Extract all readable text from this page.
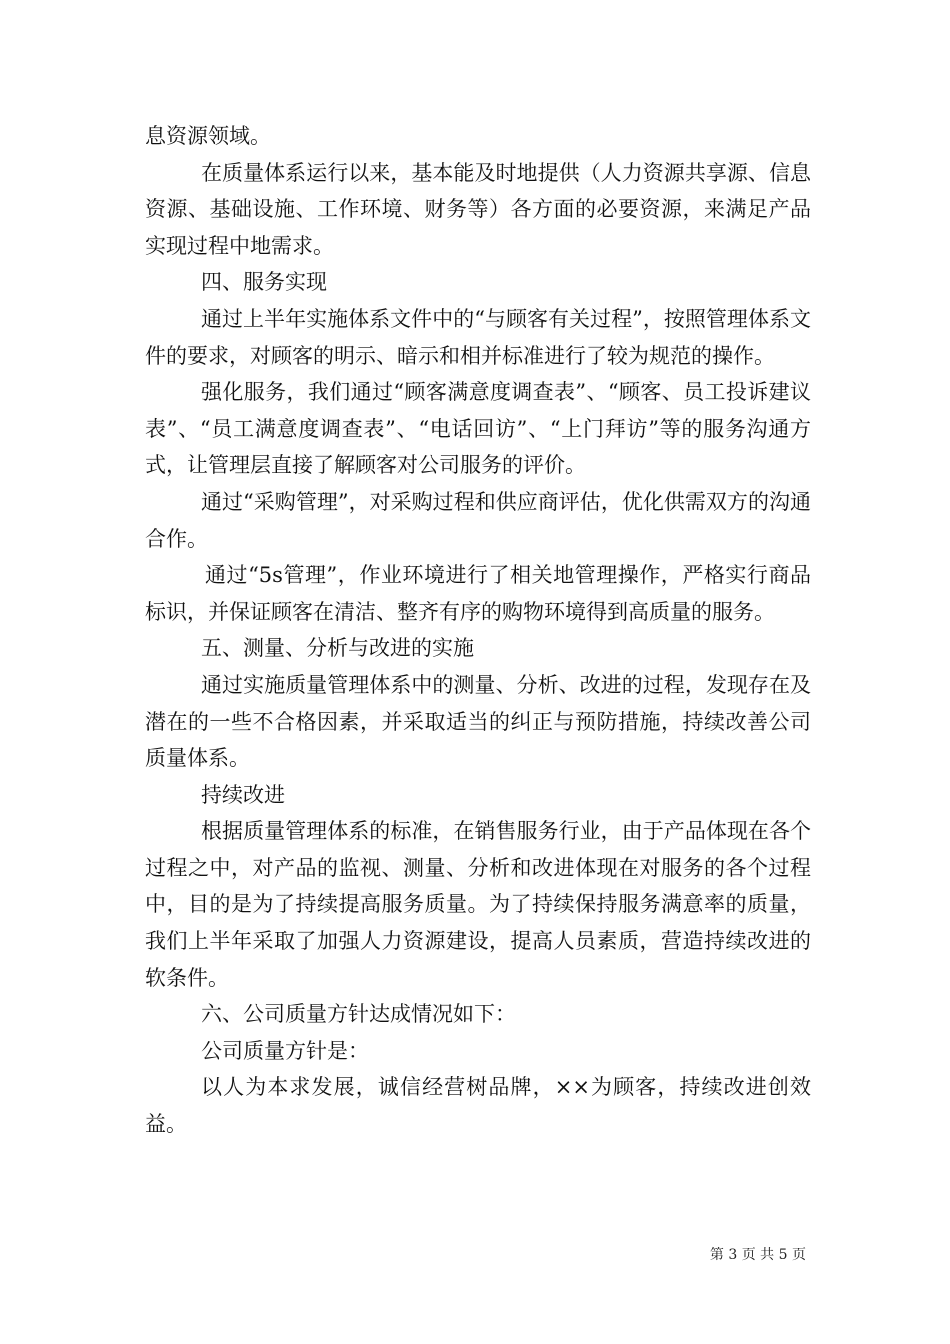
息资源领域。

在质量体系运行以来，基本能及时地提供（人力资源共享源、信息资源、基础设施、工作环境、财务等）各方面的必要资源，来满足产品实现过程中地需求。

四、服务实现

通过上半年实施体系文件中的“与顾客有关过程”，按照管理体系文件的要求，对顾客的明示、暗示和相并标准进行了较为规范的操作。

强化服务，我们通过“顾客满意度调查表”、“顾客、员工投诉建议表”、“员工满意度调查表”、“电话回访”、“上门拜访”等的服务沟通方式，让管理层直接了解顾客对公司服务的评价。

通过“采购管理”，对采购过程和供应商评估，优化供需双方的沟通合作。

通过“5s管理”，作业环境进行了相关地管理操作，严格实行商品标识，并保证顾客在清洁、整齐有序的购物环境得到高质量的服务。

五、测量、分析与改进的实施

通过实施质量管理体系中的测量、分析、改进的过程，发现存在及潜在的一些不合格因素，并采取适当的纠正与预防措施，持续改善公司质量体系。

持续改进

根据质量管理体系的标准，在销售服务行业，由于产品体现在各个过程之中，对产品的监视、测量、分析和改进体现在对服务的各个过程中，目的是为了持续提高服务质量。为了持续保持服务满意率的质量，我们上半年采取了加强人力资源建设，提高人员素质，营造持续改进的软条件。

六、公司质量方针达成情况如下：

公司质量方针是：

以人为本求发展，诚信经营树品牌，××为顾客，持续改进创效益。

第 3 页 共 5 页
